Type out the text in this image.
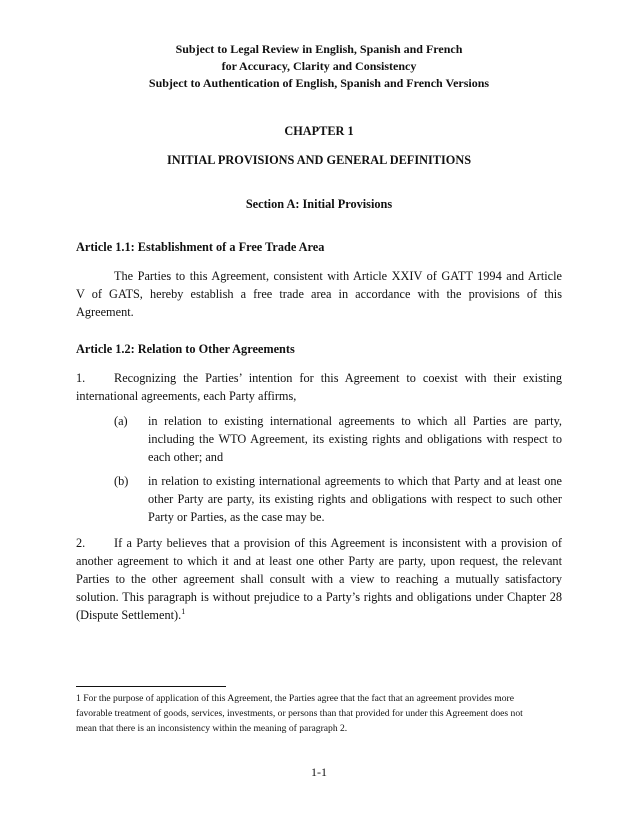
Subject to Legal Review in English, Spanish and French
for Accuracy, Clarity and Consistency
Subject to Authentication of English, Spanish and French Versions
CHAPTER 1
INITIAL PROVISIONS AND GENERAL DEFINITIONS
Section A: Initial Provisions
Article 1.1: Establishment of a Free Trade Area
The Parties to this Agreement, consistent with Article XXIV of GATT 1994 and Article
V of GATS, hereby establish a free trade area in accordance with the provisions of this
Agreement.
Article 1.2: Relation to Other Agreements
1.	Recognizing the Parties’ intention for this Agreement to coexist with their existing
international agreements, each Party affirms,
(a) in relation to existing international agreements to which all Parties are party,
including the WTO Agreement, its existing rights and obligations with respect to
each other; and
(b) in relation to existing international agreements to which that Party and at least one
other Party are party, its existing rights and obligations with respect to such other
Party or Parties, as the case may be.
2.	If a Party believes that a provision of this Agreement is inconsistent with a provision of
another agreement to which it and at least one other Party are party, upon request, the relevant
Parties to the other agreement shall consult with a view to reaching a mutually satisfactory
solution. This paragraph is without prejudice to a Party’s rights and obligations under Chapter 28
(Dispute Settlement).$^1$
1 For the purpose of application of this Agreement, the Parties agree that the fact that an agreement provides more
favorable treatment of goods, services, investments, or persons than that provided for under this Agreement does not
mean that there is an inconsistency within the meaning of paragraph 2.
1-1
